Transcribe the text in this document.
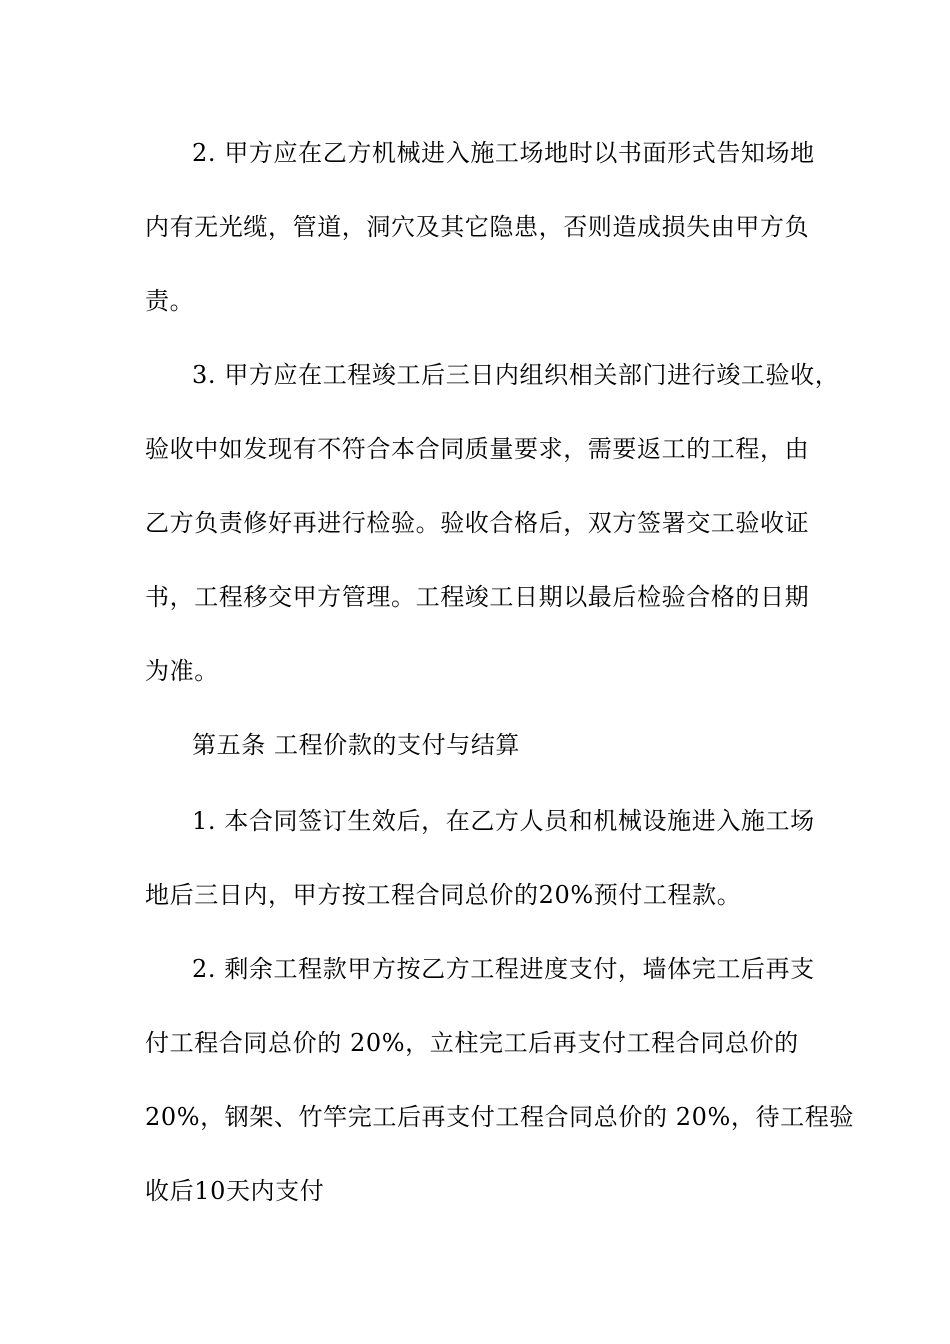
2. 甲方应在乙方机械进入施工场地时以书面形式告知场地
内有无光缆，管道，洞穴及其它隐患，否则造成损失由甲方负
责。
3. 甲方应在工程竣工后三日内组织相关部门进行竣工验收，
验收中如发现有不符合本合同质量要求，需要返工的工程，由
乙方负责修好再进行检验。验收合格后，双方签署交工验收证
书，工程移交甲方管理。工程竣工日期以最后检验合格的日期
为准。
第五条 工程价款的支付与结算
1. 本合同签订生效后，在乙方人员和机械设施进入施工场
地后三日内，甲方按工程合同总价的20%预付工程款。
2. 剩余工程款甲方按乙方工程进度支付，墙体完工后再支
付工程合同总价的 20%，立柱完工后再支付工程合同总价的
20%，钢架、竹竿完工后再支付工程合同总价的 20%，待工程验
收后10天内支付
